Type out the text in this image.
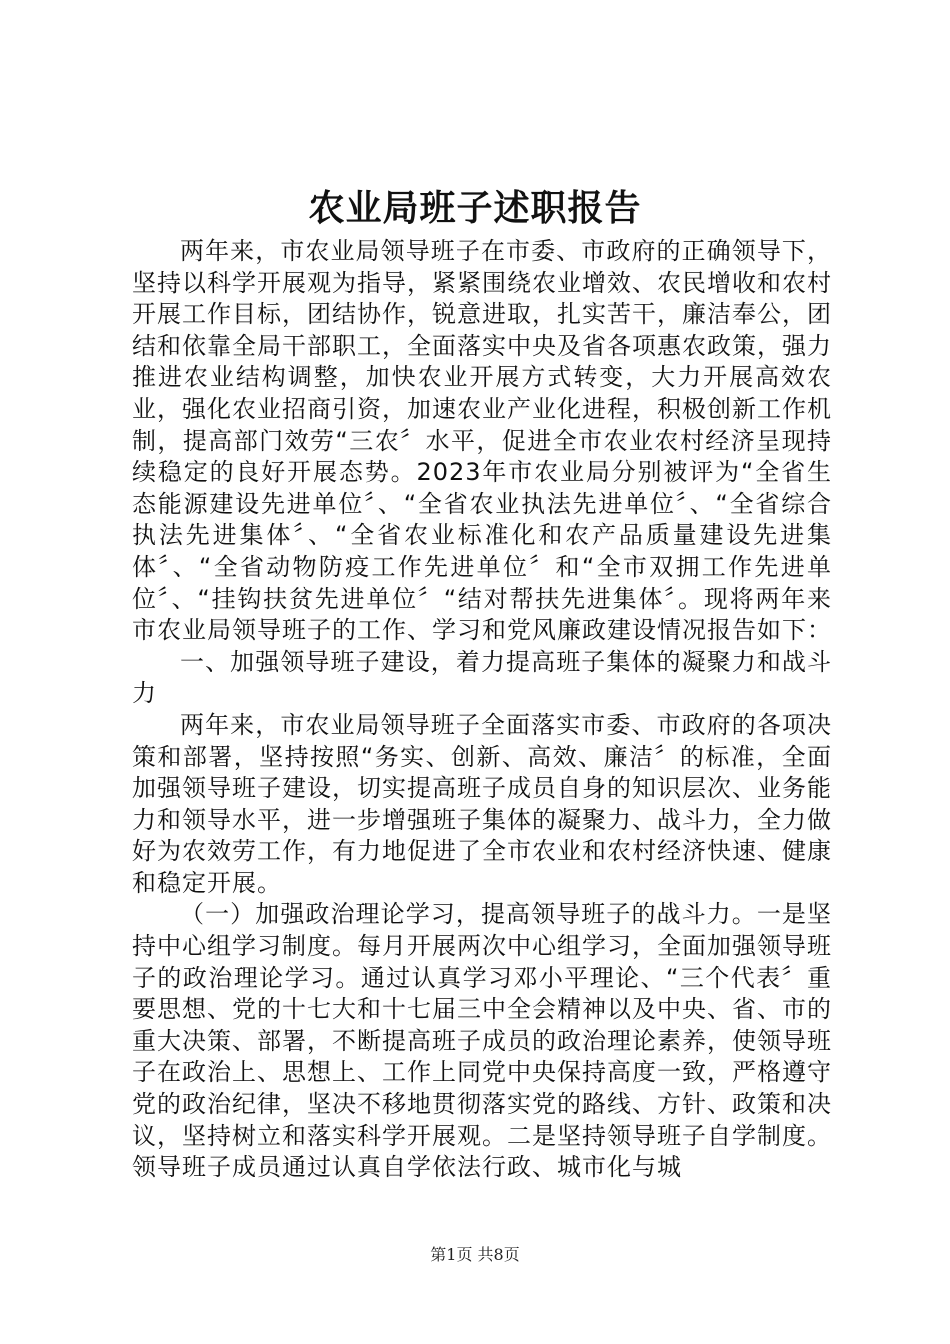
农业局班子述职报告

两年来，市农业局领导班子在市委、市政府的正确领导下，坚持以科学开展观为指导，紧紧围绕农业增效、农民增收和农村开展工作目标，团结协作，锐意进取，扎实苦干，廉洁奉公，团结和依靠全局干部职工，全面落实中央及省各项惠农政策，强力推进农业结构调整，加快农业开展方式转变，大力开展高效农业，强化农业招商引资，加速农业产业化进程，积极创新工作机制，提高部门效劳“三农〞水平，促进全市农业农村经济呈现持续稳定的良好开展态势。2023年市农业局分别被评为“全省生态能源建设先进单位〞、“全省农业执法先进单位〞、“全省综合执法先进集体〞、“全省农业标准化和农产品质量建设先进集体〞、“全省动物防疫工作先进单位〞和“全市双拥工作先进单位〞、“挂钩扶贫先进单位〞“结对帮扶先进集体〞。现将两年来市农业局领导班子的工作、学习和党风廉政建设情况报告如下：

一、加强领导班子建设，着力提高班子集体的凝聚力和战斗力

两年来，市农业局领导班子全面落实市委、市政府的各项决策和部署，坚持按照“务实、创新、高效、廉洁〞的标准，全面加强领导班子建设，切实提高班子成员自身的知识层次、业务能力和领导水平，进一步增强班子集体的凝聚力、战斗力，全力做好为农效劳工作，有力地促进了全市农业和农村经济快速、健康和稳定开展。

（一）加强政治理论学习，提高领导班子的战斗力。一是坚持中心组学习制度。每月开展两次中心组学习，全面加强领导班子的政治理论学习。通过认真学习邓小平理论、“三个代表〞重要思想、党的十七大和十七届三中全会精神以及中央、省、市的重大决策、部署，不断提高班子成员的政治理论素养，使领导班子在政治上、思想上、工作上同党中央保持高度一致，严格遵守党的政治纪律，坚决不移地贯彻落实党的路线、方针、政策和决议，坚持树立和落实科学开展观。二是坚持领导班子自学制度。领导班子成员通过认真自学依法行政、城市化与城

第1页 共8页
